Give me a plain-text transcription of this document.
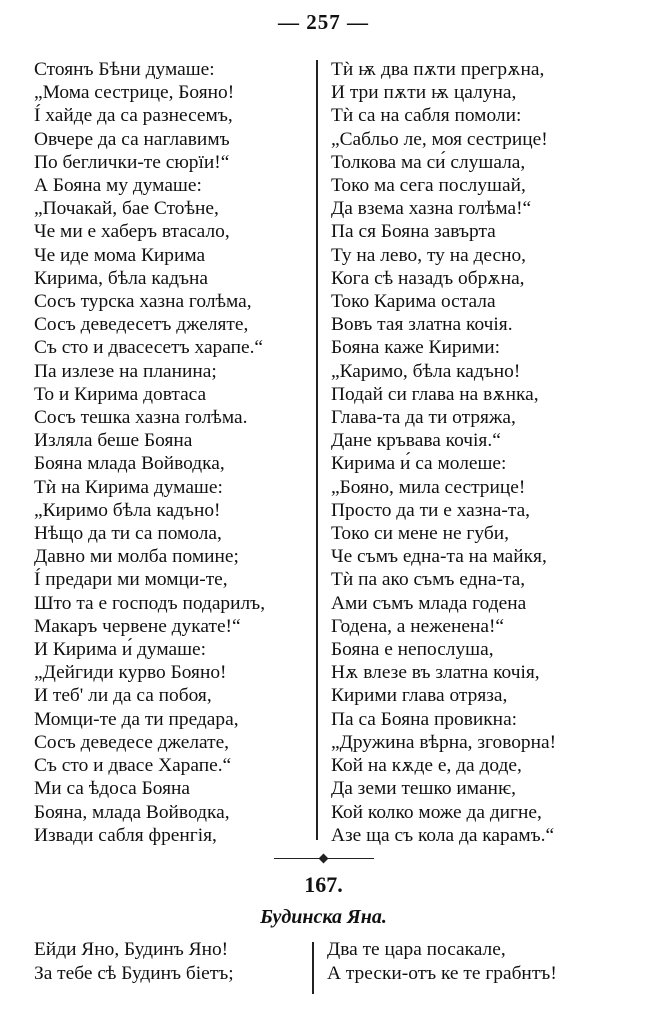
— 257 —
Стоянъ Бѣни думаше:
„Мома сестрице, Бояно!
Ӏ́ хайде да са разнесемъ,
Овчере да са наглавимъ
По беглички-те сюрїи!“
А Бояна му думаше:
„Почакай, бае Стоѣне,
Че ми е хаберъ втасало,
Че иде мома Кирима
Кирима, бѣла кадъна
Сосъ турска хазна голѣма,
Сосъ деведесетъ джеляте,
Съ сто и двасесетъ харапе.“
Па излезе на планина;
То и Кирима довтаса
Сосъ тешка хазна голѣма.
Изляла беше Бояна
Бояна млада Войводка,
Тѝ на Кирима думаше:
„Киримо бѣла кадъно!
Нѣщо да ти са помола,
Давно ми молба помине;
Ӏ́ предари ми момци-те,
Што та е господъ подарилъ,
Макаръ червене дукате!“
И Кирима и́ думаше:
„Дейгиди курво Бояно!
И теб' ли да са побоя,
Момци-те да ти предара,
Сосъ деведесе джелате,
Съ сто и двасе Харапе.“
Ми са ѣдоса Бояна
Бояна, млада Войводка,
Извади сабля френгія,
Тѝ ѭ два пѫти прегрѫна,
И три пѫти ѭ цалуна,
Тѝ са на сабля помоли:
„Сабльо ле, моя сестрице!
Толкова ма си́ слушала,
Токо ма сега послушай,
Да взема хазна голѣма!“
Па ся Бояна завърта
Ту на лево, ту на десно,
Кога сѣ назадъ обрѫна,
Токо Карима остала
Вовъ тая златна кочія.
Бояна каже Кирими:
„Каримо, бѣла кадъно!
Подай си глава на вѫнка,
Глава-та да ти отряжа,
Дане кръвава кочія.“
Кирима и́ са молеше:
„Бояно, мила сестрице!
Просто да ти е хазна-та,
Токо си мене не губи,
Че съмъ една-та на майкя,
Тѝ па ако съмъ една-та,
Ами съмъ млада годена
Годена, а неженена!“
Бояна е непослуша,
Нѫ влезе въ златна кочія,
Кирими глава отряза,
Па са Бояна провикна:
„Дружина вѣрна, зговорна!
Кой на кѫде е, да доде,
Да земи тешко иманѥ,
Кой колко може да дигне,
Азе ща съ кола да карамъ.“
167.
Будинска Яна.
Ейди Яно, Будинъ Яно!
За тебе сѣ Будинъ біетъ;
Два те цара посакале,
А трески-отъ ке те грабнтъ!
